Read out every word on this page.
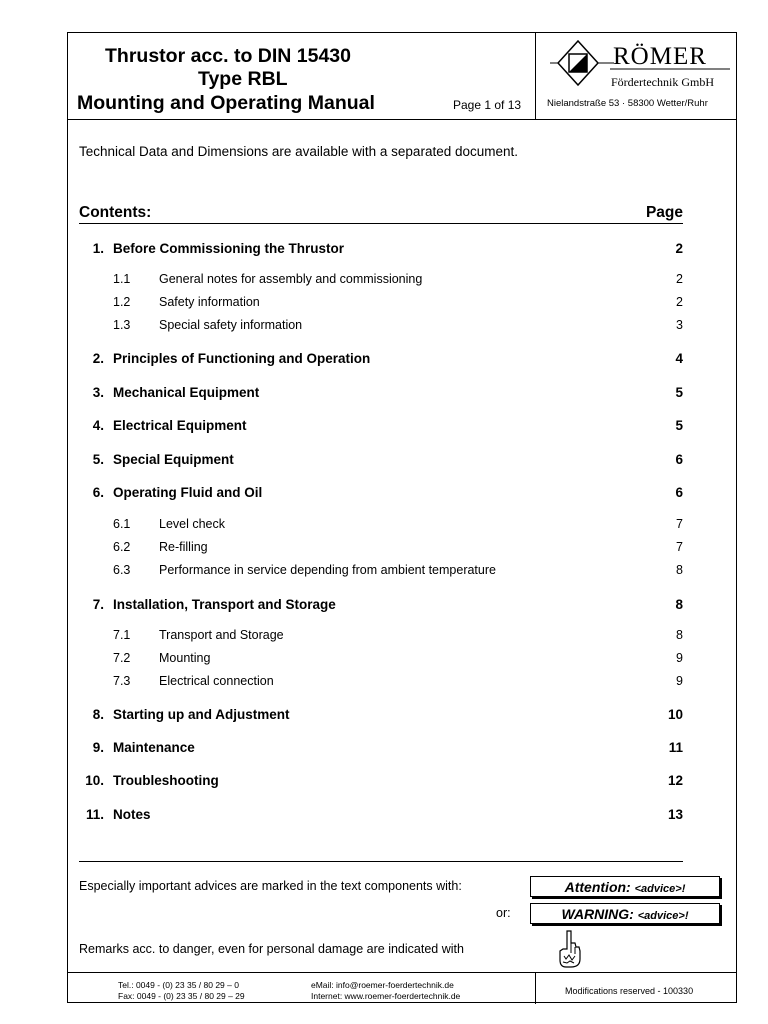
Thrustor acc. to DIN 15430
Type RBL
Mounting and Operating Manual	Page 1 of 13
RÖMER
Fördertechnik GmbH
Nielandstraße 53 · 58300 Wetter/Ruhr
Technical Data and Dimensions are available with a separated document.
Contents:	Page
1. Before Commissioning the Thrustor	2
1.1 General notes for assembly and commissioning	2
1.2 Safety information	2
1.3 Special safety information	3
2. Principles of Functioning and Operation	4
3. Mechanical Equipment	5
4. Electrical Equipment	5
5. Special Equipment	6
6. Operating Fluid and Oil	6
6.1 Level check	7
6.2 Re-filling	7
6.3 Performance in service depending from ambient temperature	8
7. Installation, Transport and Storage	8
7.1 Transport and Storage	8
7.2 Mounting	9
7.3 Electrical connection	9
8. Starting up and Adjustment	10
9. Maintenance	11
10. Troubleshooting	12
11. Notes	13
Especially important advices are marked in the text components with:	Attention: <advice>!
or:	WARNING: <advice>!
Remarks acc. to danger, even for personal damage are indicated with
Tel.: 0049 - (0) 23 35 / 80 29 – 0
Fax: 0049 - (0) 23 35 / 80 29 – 29
eMail: info@roemer-foerdertechnik.de
Internet: www.roemer-foerdertechnik.de	Modifications reserved - 100330
